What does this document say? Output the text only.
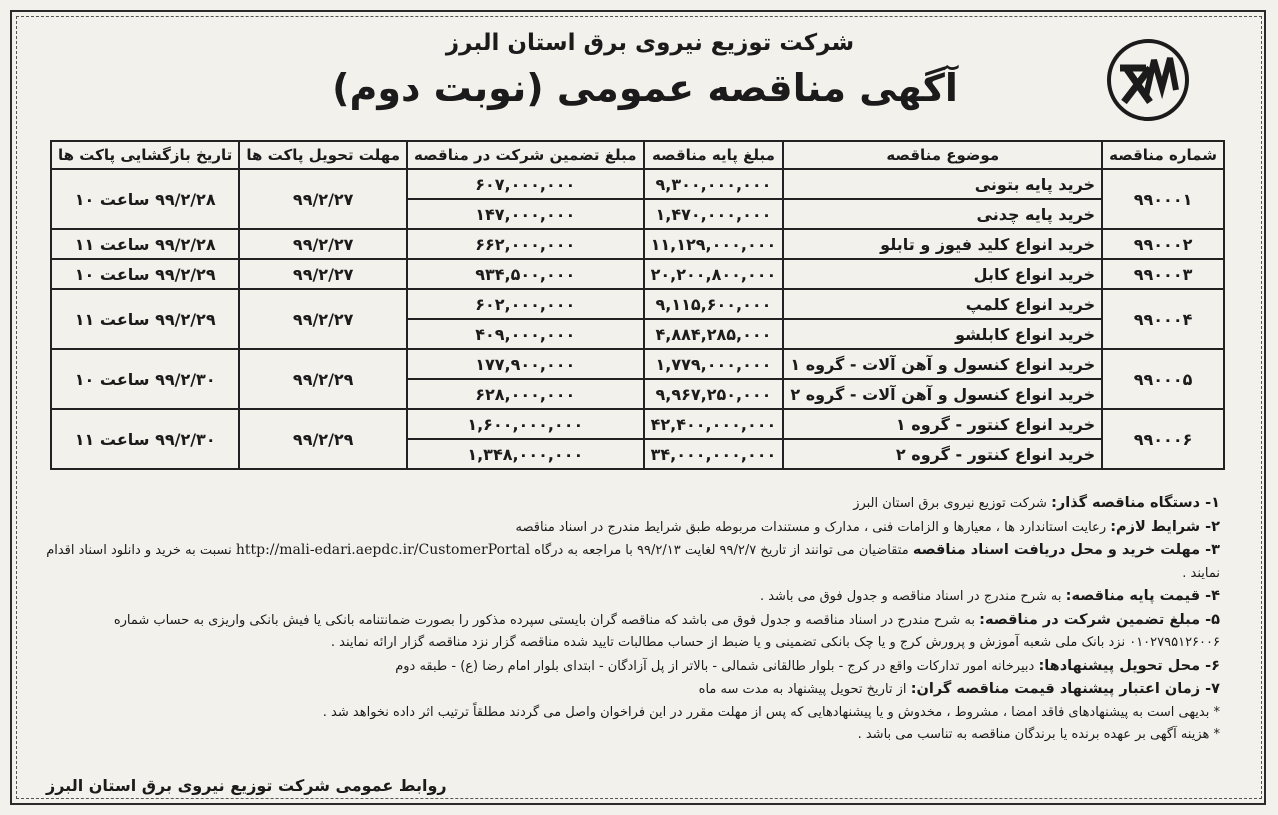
شرکت توزیع نیروی برق استان البرز
آگهی مناقصه عمومی (نوبت دوم)
شماره مناقصه	موضوع مناقصه	مبلغ پایه مناقصه	مبلغ تضمین شرکت در مناقصه	مهلت تحویل پاکت ها	تاریخ بازگشایی پاکت ها
۹۹۰۰۰۱	خرید پایه بتونی	۹,۳۰۰,۰۰۰,۰۰۰	۶۰۷,۰۰۰,۰۰۰	۹۹/۲/۲۷	۹۹/۲/۲۸ ساعت ۱۰
	خرید پایه چدنی	۱,۴۷۰,۰۰۰,۰۰۰	۱۴۷,۰۰۰,۰۰۰		
۹۹۰۰۰۲	خرید انواع کلید فیوز و تابلو	۱۱,۱۲۹,۰۰۰,۰۰۰	۶۶۲,۰۰۰,۰۰۰	۹۹/۲/۲۷	۹۹/۲/۲۸ ساعت ۱۱
۹۹۰۰۰۳	خرید انواع کابل	۲۰,۲۰۰,۸۰۰,۰۰۰	۹۳۴,۵۰۰,۰۰۰	۹۹/۲/۲۷	۹۹/۲/۲۹ ساعت ۱۰
۹۹۰۰۰۴	خرید انواع کلمپ	۹,۱۱۵,۶۰۰,۰۰۰	۶۰۲,۰۰۰,۰۰۰	۹۹/۲/۲۷	۹۹/۲/۲۹ ساعت ۱۱
	خرید انواع کابلشو	۴,۸۸۴,۲۸۵,۰۰۰	۴۰۹,۰۰۰,۰۰۰		
۹۹۰۰۰۵	خرید انواع کنسول و آهن آلات - گروه ۱	۱,۷۷۹,۰۰۰,۰۰۰	۱۷۷,۹۰۰,۰۰۰	۹۹/۲/۲۹	۹۹/۲/۳۰ ساعت ۱۰
	خرید انواع کنسول و آهن آلات - گروه ۲	۹,۹۶۷,۲۵۰,۰۰۰	۶۲۸,۰۰۰,۰۰۰		
۹۹۰۰۰۶	خرید انواع کنتور - گروه ۱	۴۲,۴۰۰,۰۰۰,۰۰۰	۱,۶۰۰,۰۰۰,۰۰۰	۹۹/۲/۲۹	۹۹/۲/۳۰ ساعت ۱۱
	خرید انواع کنتور - گروه ۲	۳۴,۰۰۰,۰۰۰,۰۰۰	۱,۳۴۸,۰۰۰,۰۰۰		

۱- دستگاه مناقصه گذار: شرکت توزیع نیروی برق استان البرز

۲- شرایط لازم: رعایت استاندارد ها ، معیارها و الزامات فنی ، مدارک و مستندات مربوطه طبق شرایط مندرج در اسناد مناقصه

۳- مهلت خرید و محل دریافت اسناد مناقصه متقاضیان می توانند از تاریخ ۹۹/۲/۷ لغایت ۹۹/۲/۱۳ با مراجعه به درگاه http://mali-edari.aepdc.ir/CustomerPortal نسبت به خرید و دانلود اسناد اقدام نمایند .

۴- قیمت پایه مناقصه: به شرح مندرج در اسناد مناقصه و جدول فوق می باشد .

۵- مبلغ تضمین شرکت در مناقصه: به شرح مندرج در اسناد مناقصه و جدول فوق می باشد که مناقصه گران بایستی سپرده مذکور را بصورت ضمانتنامه بانکی یا فیش بانکی واریزی به حساب شماره ۰۱۰۲۷۹۵۱۲۶۰۰۶ نزد بانک ملی شعبه آموزش و پرورش کرج و یا چک بانکی تضمینی و یا ضبط از حساب مطالبات تایید شده مناقصه گزار نزد مناقصه گزار ارائه نمایند .

۶- محل تحویل پیشنهادها: دبیرخانه امور تدارکات واقع در کرج - بلوار طالقانی شمالی - بالاتر از پل آزادگان - ابتدای بلوار امام رضا (ع) - طبقه دوم

۷- زمان اعتبار پیشنهاد قیمت مناقصه گران: از تاریخ تحویل پیشنهاد به مدت سه ماه

* بدیهی است به پیشنهادهای فاقد امضا ، مشروط ، مخدوش و یا پیشنهادهایی که پس از مهلت مقرر در این فراخوان واصل می گردند مطلقاً ترتیب اثر داده نخواهد شد .

* هزینه آگهی بر عهده برنده یا برندگان مناقصه به تناسب می باشد .

روابط عمومی شرکت توزیع نیروی برق استان البرز
